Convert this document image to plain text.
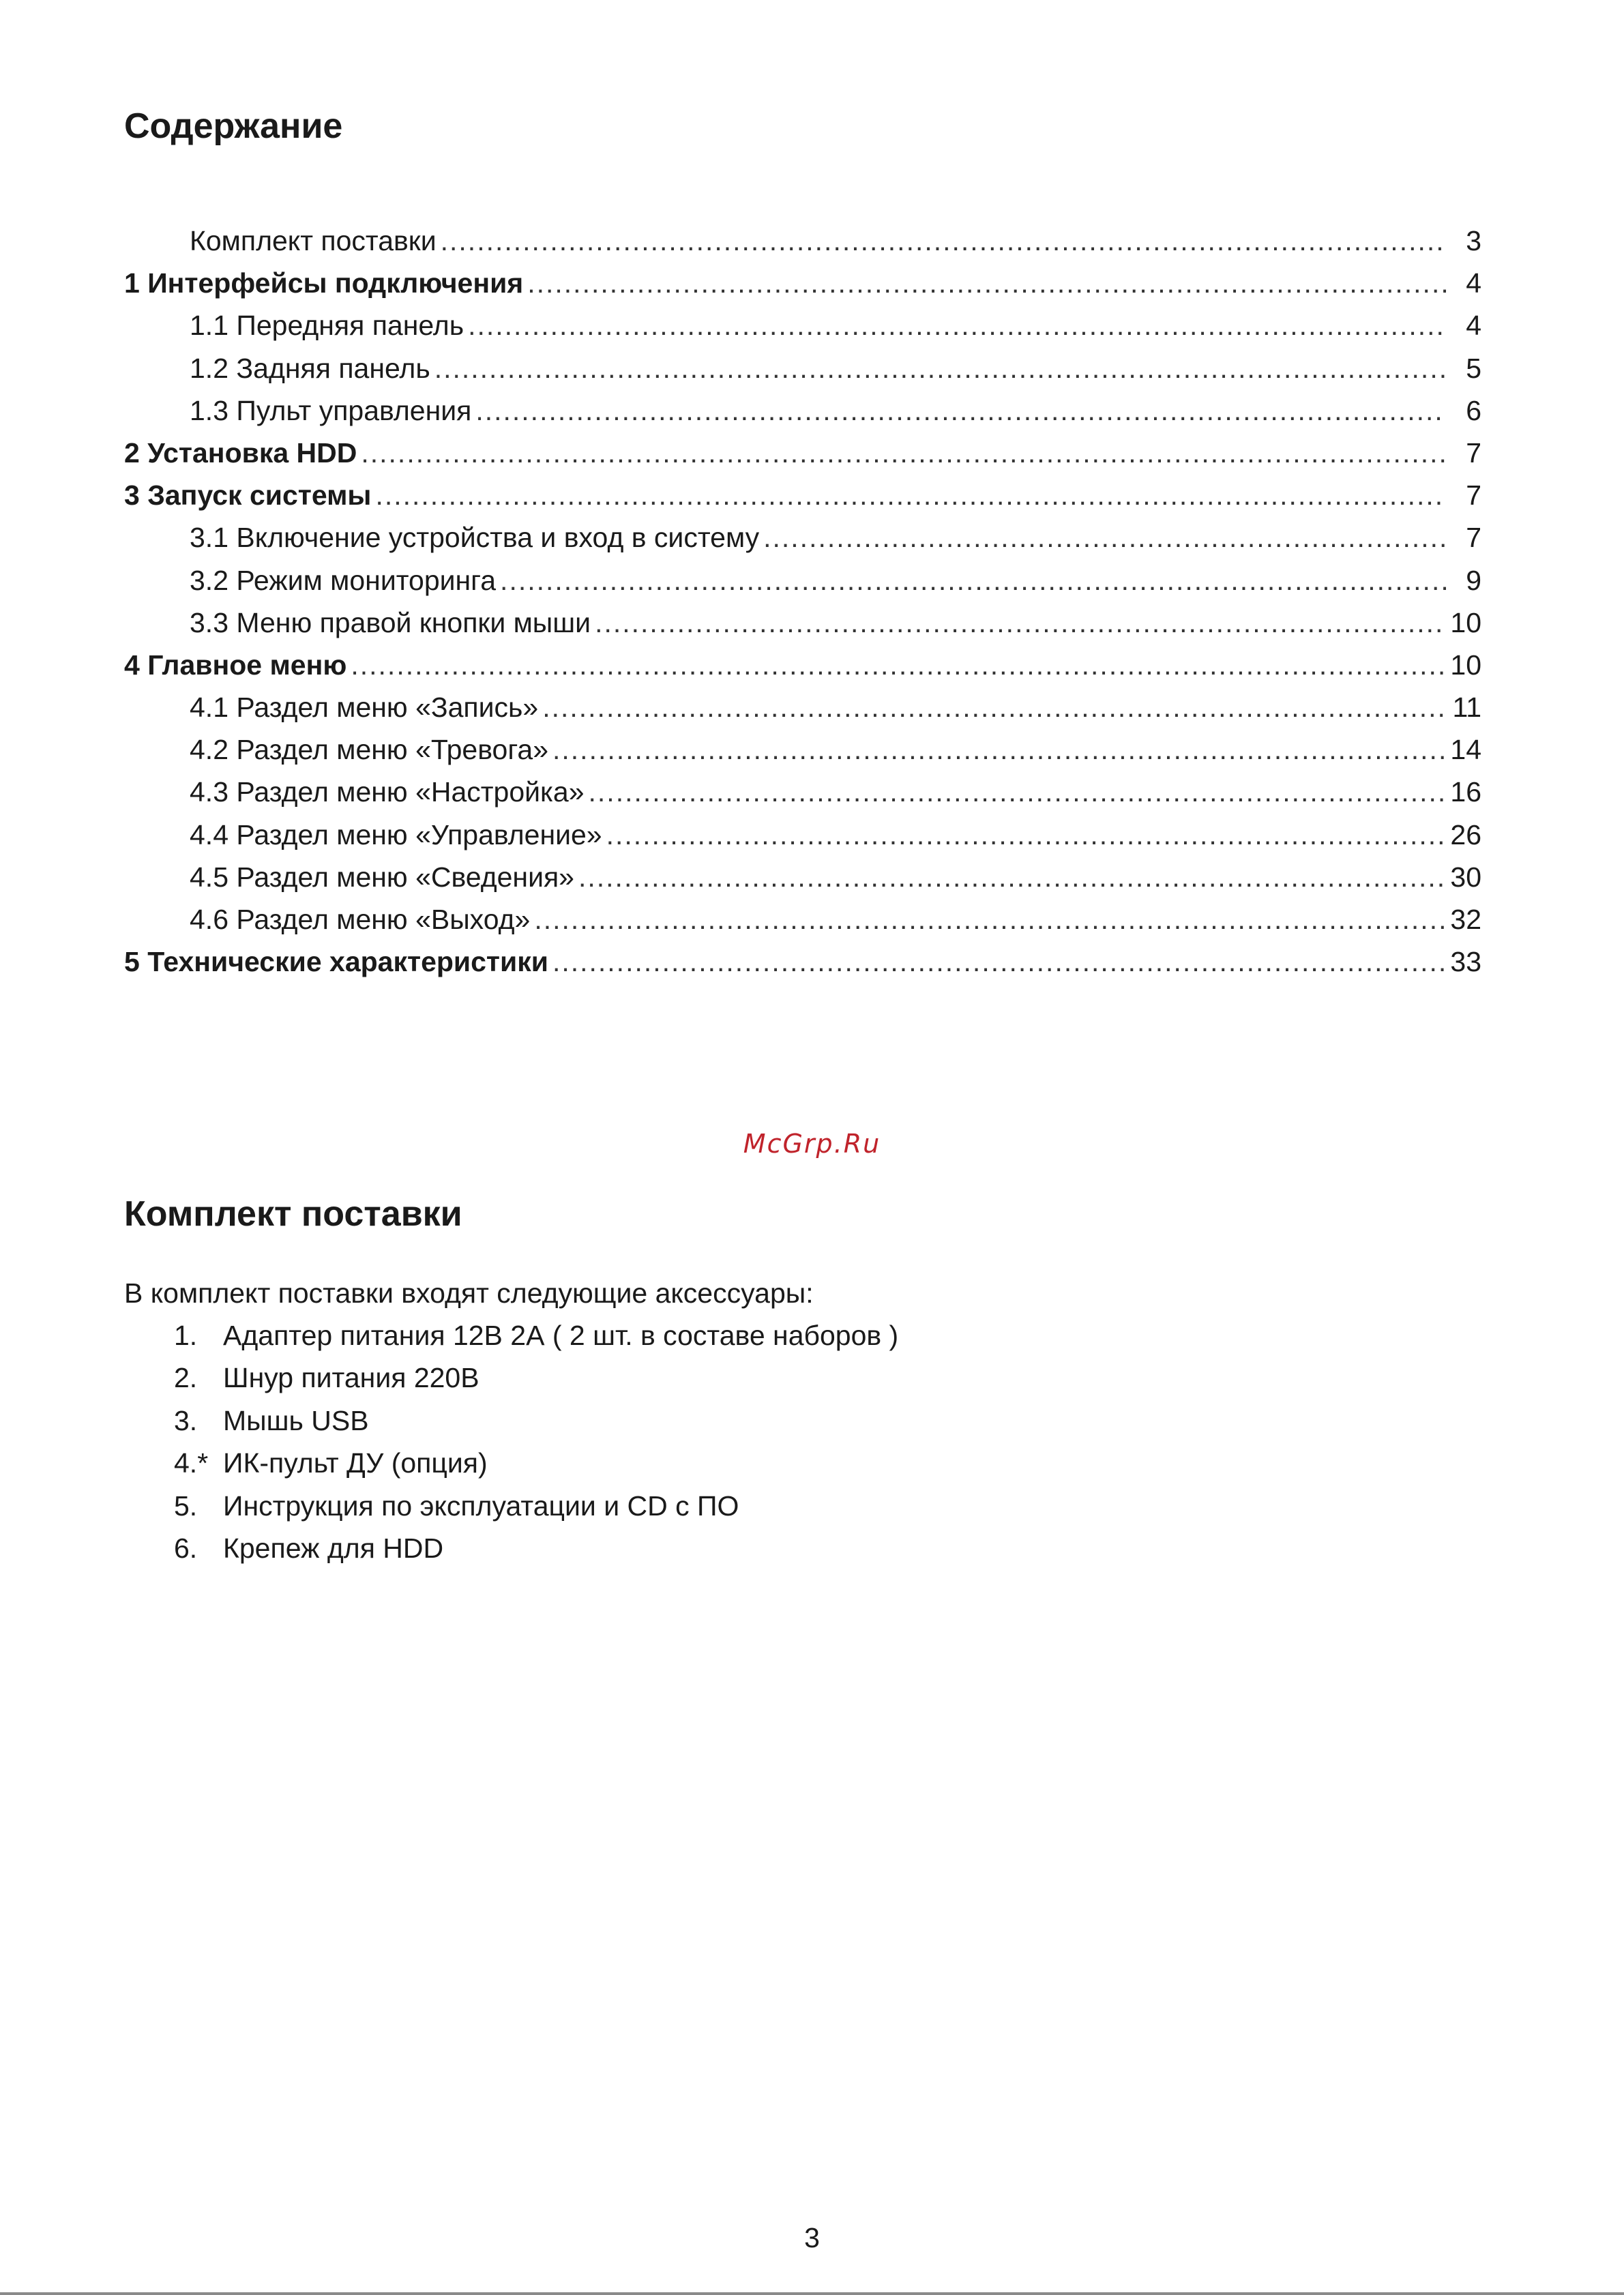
Содержание
Комплект поставки .....	3
1 Интерфейсы подключения .....	4
1.1 Передняя панель .....	4
1.2 Задняя панель .....	5
1.3 Пульт управления .....	6
2 Установка HDD .....	7
3 Запуск системы .....	7
3.1 Включение устройства и вход в систему .....	7
3.2 Режим мониторинга .....	9
3.3 Меню правой кнопки мыши .....	10
4 Главное меню .....	10
4.1 Раздел меню «Запись» .....	11
4.2 Раздел меню «Тревога» .....	14
4.3 Раздел меню «Настройка» .....	16
4.4 Раздел меню «Управление» .....	26
4.5 Раздел меню «Сведения» .....	30
4.6 Раздел меню «Выход» .....	32
5 Технические характеристики .....	33
McGrp.Ru
Комплект поставки

В комплект поставки входят следующие аксессуары:

1. Адаптер питания 12В 2А ( 2 шт. в составе наборов )
2. Шнур питания 220В
3. Мышь USB
4.* ИК-пульт ДУ (опция)
5. Инструкция по эксплуатации и CD с ПО
6. Крепеж для HDD
3
